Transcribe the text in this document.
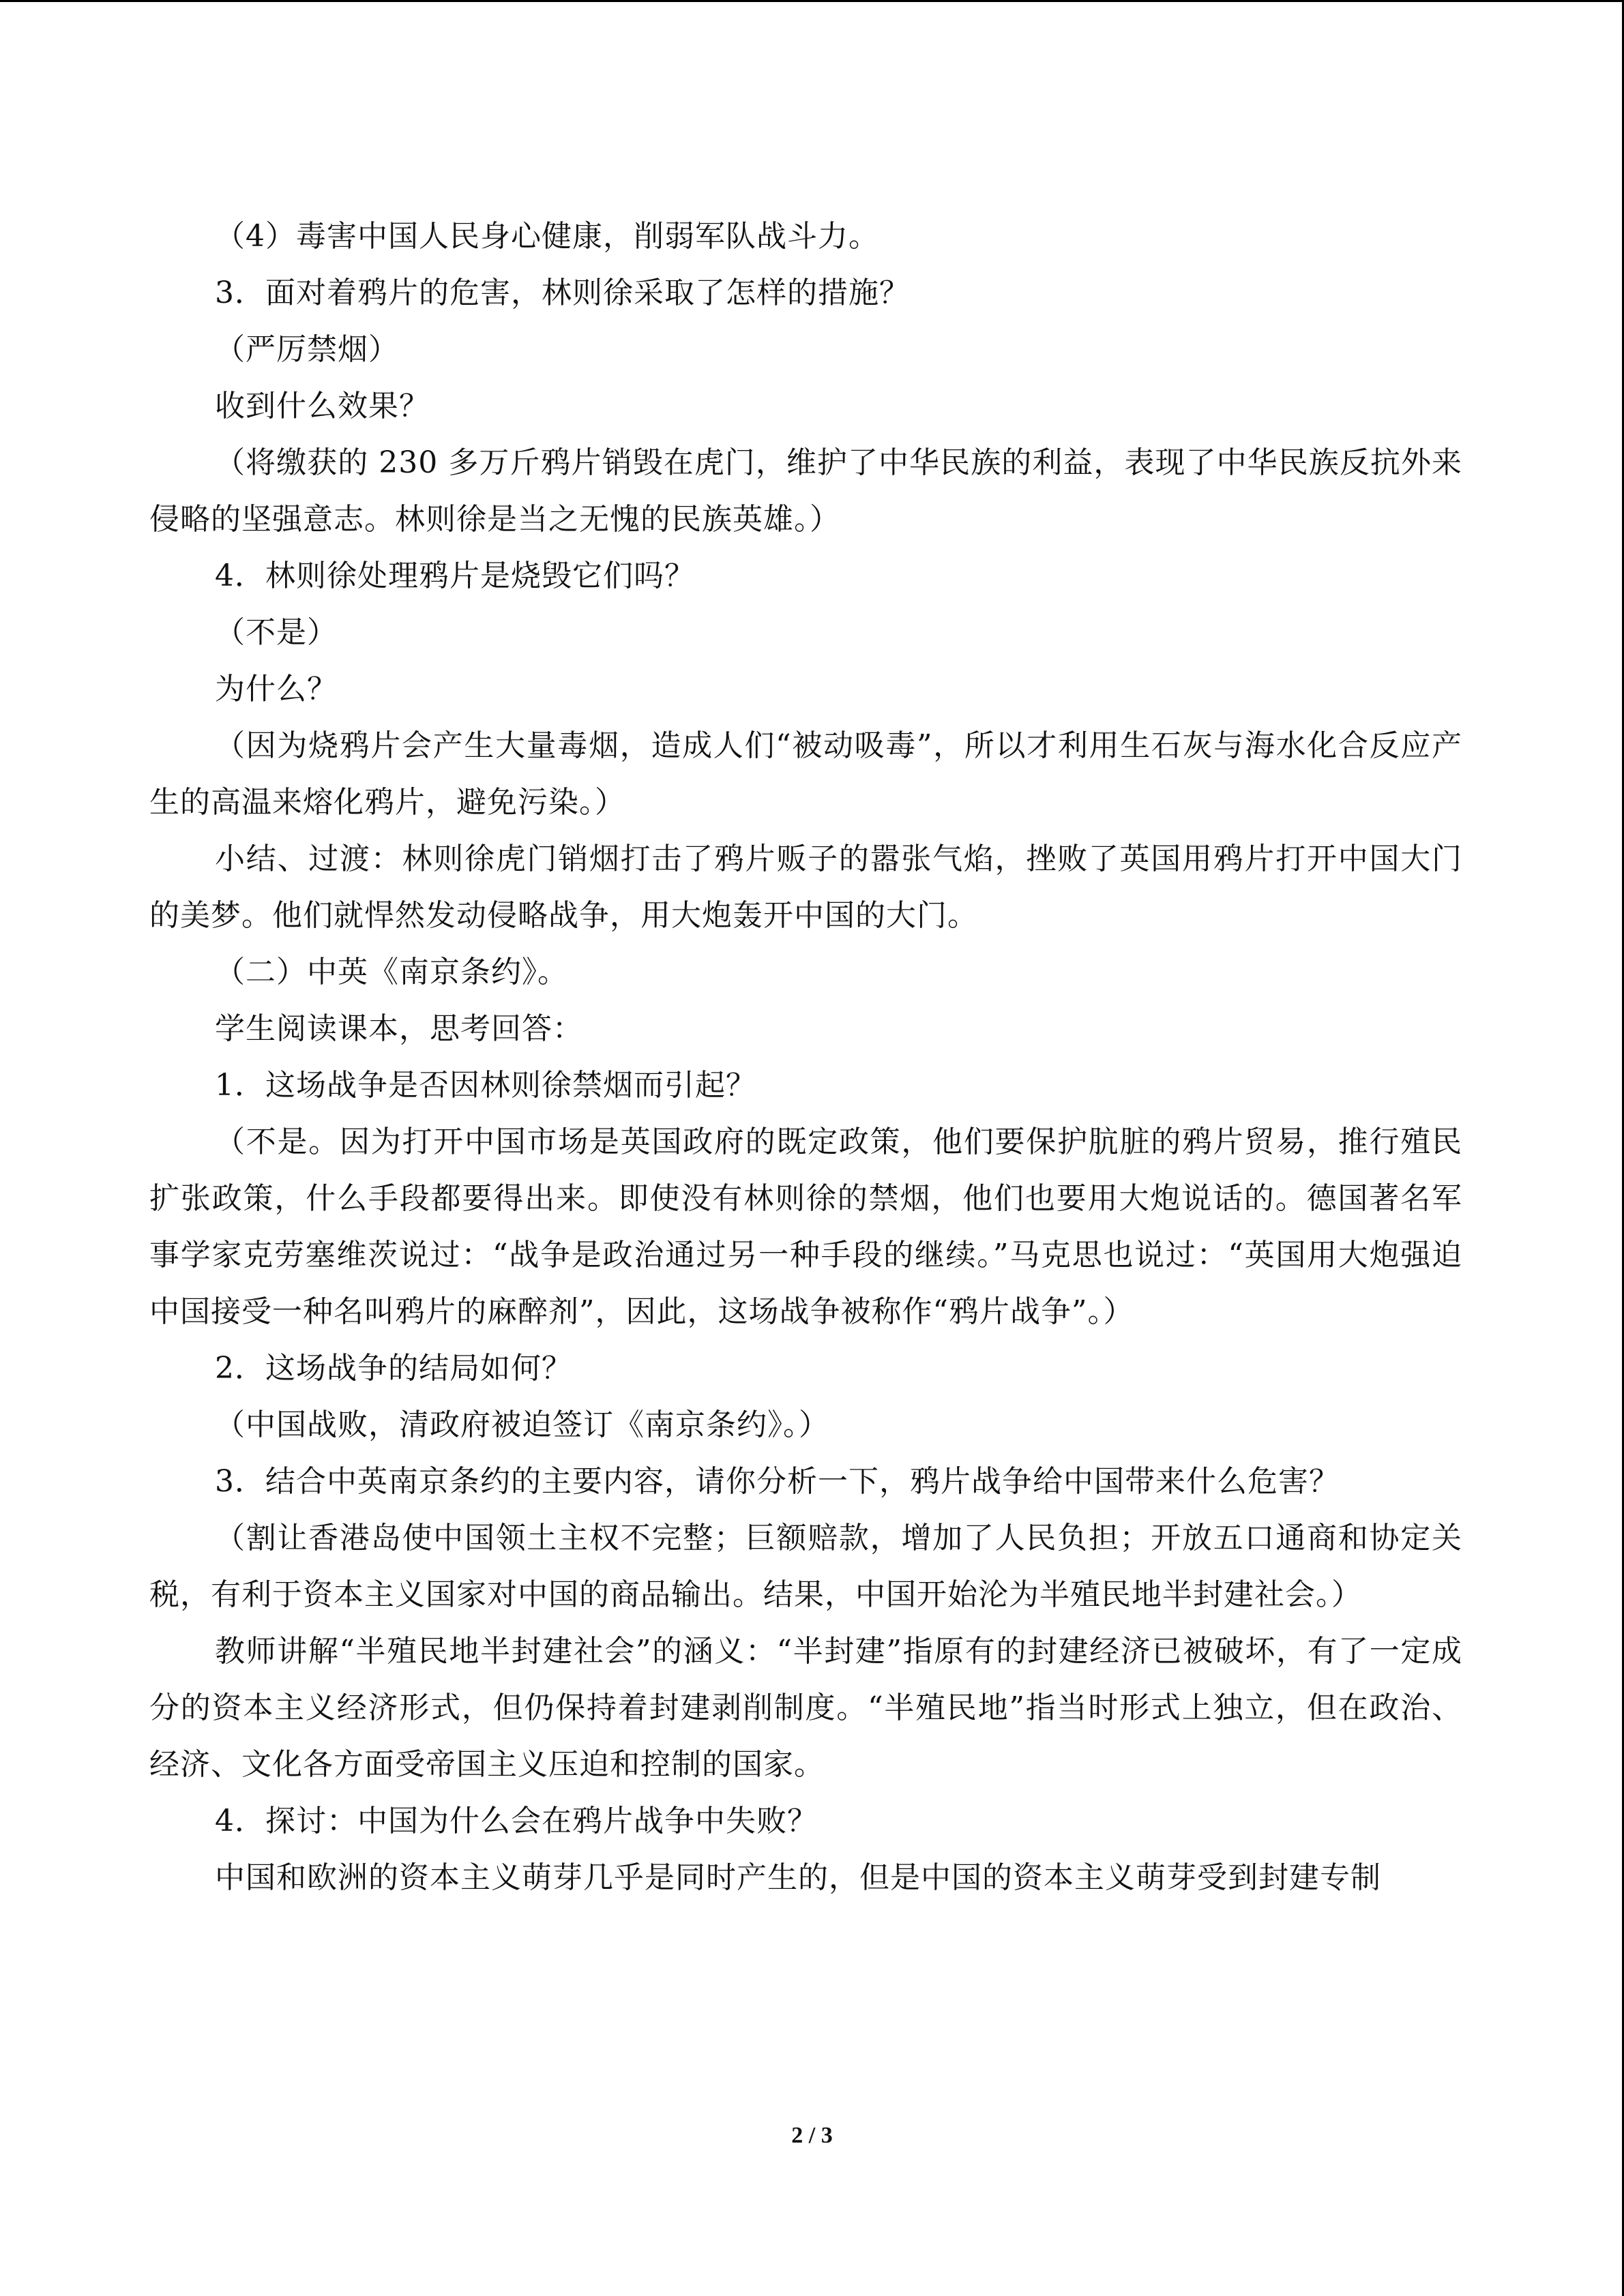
（4）毒害中国人民身心健康，削弱军队战斗力。

3．面对着鸦片的危害，林则徐采取了怎样的措施？

（严厉禁烟）

收到什么效果？

（将缴获的 230 多万斤鸦片销毁在虎门，维护了中华民族的利益，表现了中华民族反抗外来侵略的坚强意志。林则徐是当之无愧的民族英雄。）

4．林则徐处理鸦片是烧毁它们吗？

（不是）

为什么？

（因为烧鸦片会产生大量毒烟，造成人们“被动吸毒”，所以才利用生石灰与海水化合反应产生的高温来熔化鸦片，避免污染。）

小结、过渡：林则徐虎门销烟打击了鸦片贩子的嚣张气焰，挫败了英国用鸦片打开中国大门的美梦。他们就悍然发动侵略战争，用大炮轰开中国的大门。

（二）中英《南京条约》。

学生阅读课本，思考回答：

1．这场战争是否因林则徐禁烟而引起？

（不是。因为打开中国市场是英国政府的既定政策，他们要保护肮脏的鸦片贸易，推行殖民扩张政策，什么手段都要得出来。即使没有林则徐的禁烟，他们也要用大炮说话的。德国著名军事学家克劳塞维茨说过：“战争是政治通过另一种手段的继续。”马克思也说过：“英国用大炮强迫中国接受一种名叫鸦片的麻醉剂”，因此，这场战争被称作“鸦片战争”。）

2．这场战争的结局如何？

（中国战败，清政府被迫签订《南京条约》。）

3．结合中英南京条约的主要内容，请你分析一下，鸦片战争给中国带来什么危害？

（割让香港岛使中国领土主权不完整；巨额赔款，增加了人民负担；开放五口通商和协定关税，有利于资本主义国家对中国的商品输出。结果，中国开始沦为半殖民地半封建社会。）

教师讲解“半殖民地半封建社会”的涵义：“半封建”指原有的封建经济已被破坏，有了一定成分的资本主义经济形式，但仍保持着封建剥削制度。“半殖民地”指当时形式上独立，但在政治、经济、文化各方面受帝国主义压迫和控制的国家。

4．探讨：中国为什么会在鸦片战争中失败？

中国和欧洲的资本主义萌芽几乎是同时产生的，但是中国的资本主义萌芽受到封建专制

2 / 3
